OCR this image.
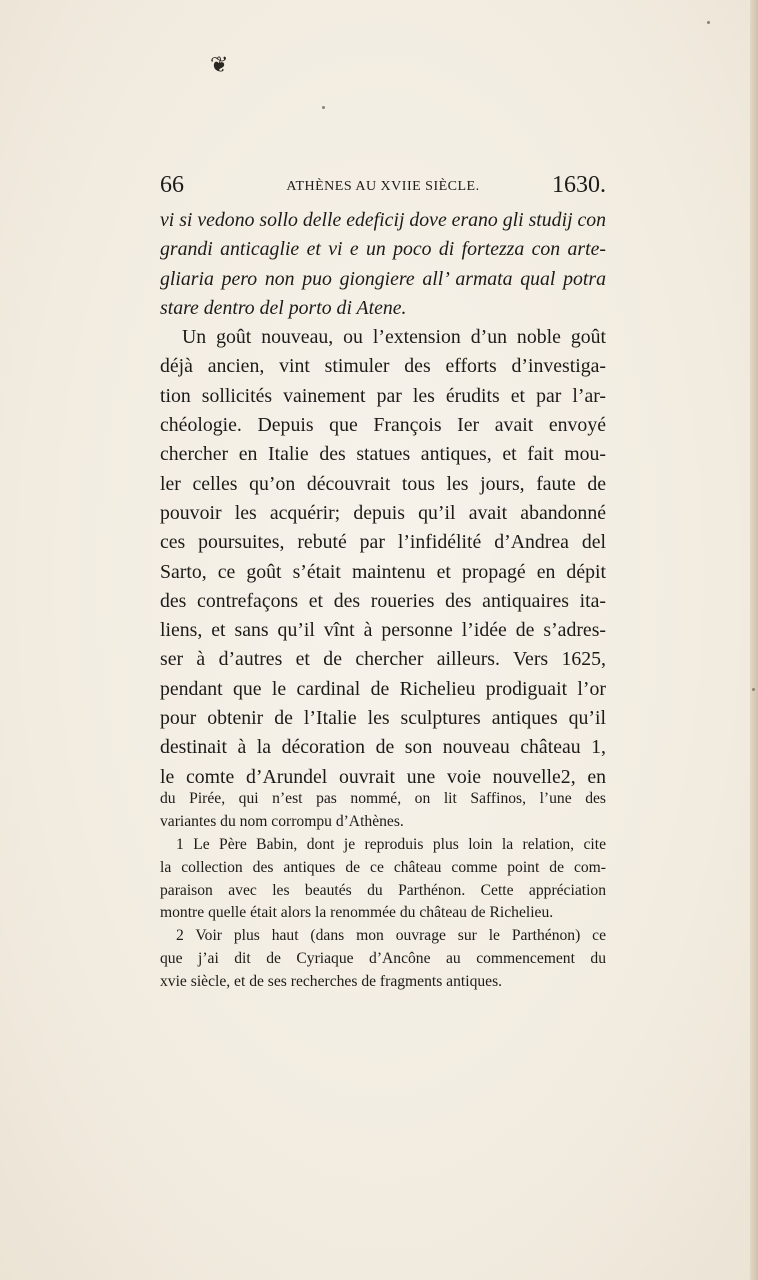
❦
66	ATHÈNES AU XVIIE SIÈCLE.	1630.
vi si vedono sollo delle edeficij dove erano gli studij con
grandi anticaglie et vi e un poco di fortezza con arte-
gliaria pero non puo giongiere all’ armata qual potra
stare dentro del porto di Atene.
Un goût nouveau, ou l’extension d’un noble goût
déjà ancien, vint stimuler des efforts d’investiga-
tion sollicités vainement par les érudits et par l’ar-
chéologie. Depuis que François Ier avait envoyé
chercher en Italie des statues antiques, et fait mou-
ler celles qu’on découvrait tous les jours, faute de
pouvoir les acquérir; depuis qu’il avait abandonné
ces poursuites, rebuté par l’infidélité d’Andrea del
Sarto, ce goût s’était maintenu et propagé en dépit
des contrefaçons et des roueries des antiquaires ita-
liens, et sans qu’il vînt à personne l’idée de s’adres-
ser à d’autres et de chercher ailleurs. Vers 1625,
pendant que le cardinal de Richelieu prodiguait l’or
pour obtenir de l’Italie les sculptures antiques qu’il
destinait à la décoration de son nouveau château 1,
le comte d’Arundel ouvrait une voie nouvelle2, en
du Pirée, qui n’est pas nommé, on lit Saffinos, l’une des
variantes du nom corrompu d’Athènes.
1 Le Père Babin, dont je reproduis plus loin la relation, cite
la collection des antiques de ce château comme point de com-
paraison avec les beautés du Parthénon. Cette appréciation
montre quelle était alors la renommée du château de Richelieu.
2 Voir plus haut (dans mon ouvrage sur le Parthénon) ce
que j’ai dit de Cyriaque d’Ancône au commencement du
xvie siècle, et de ses recherches de fragments antiques.
